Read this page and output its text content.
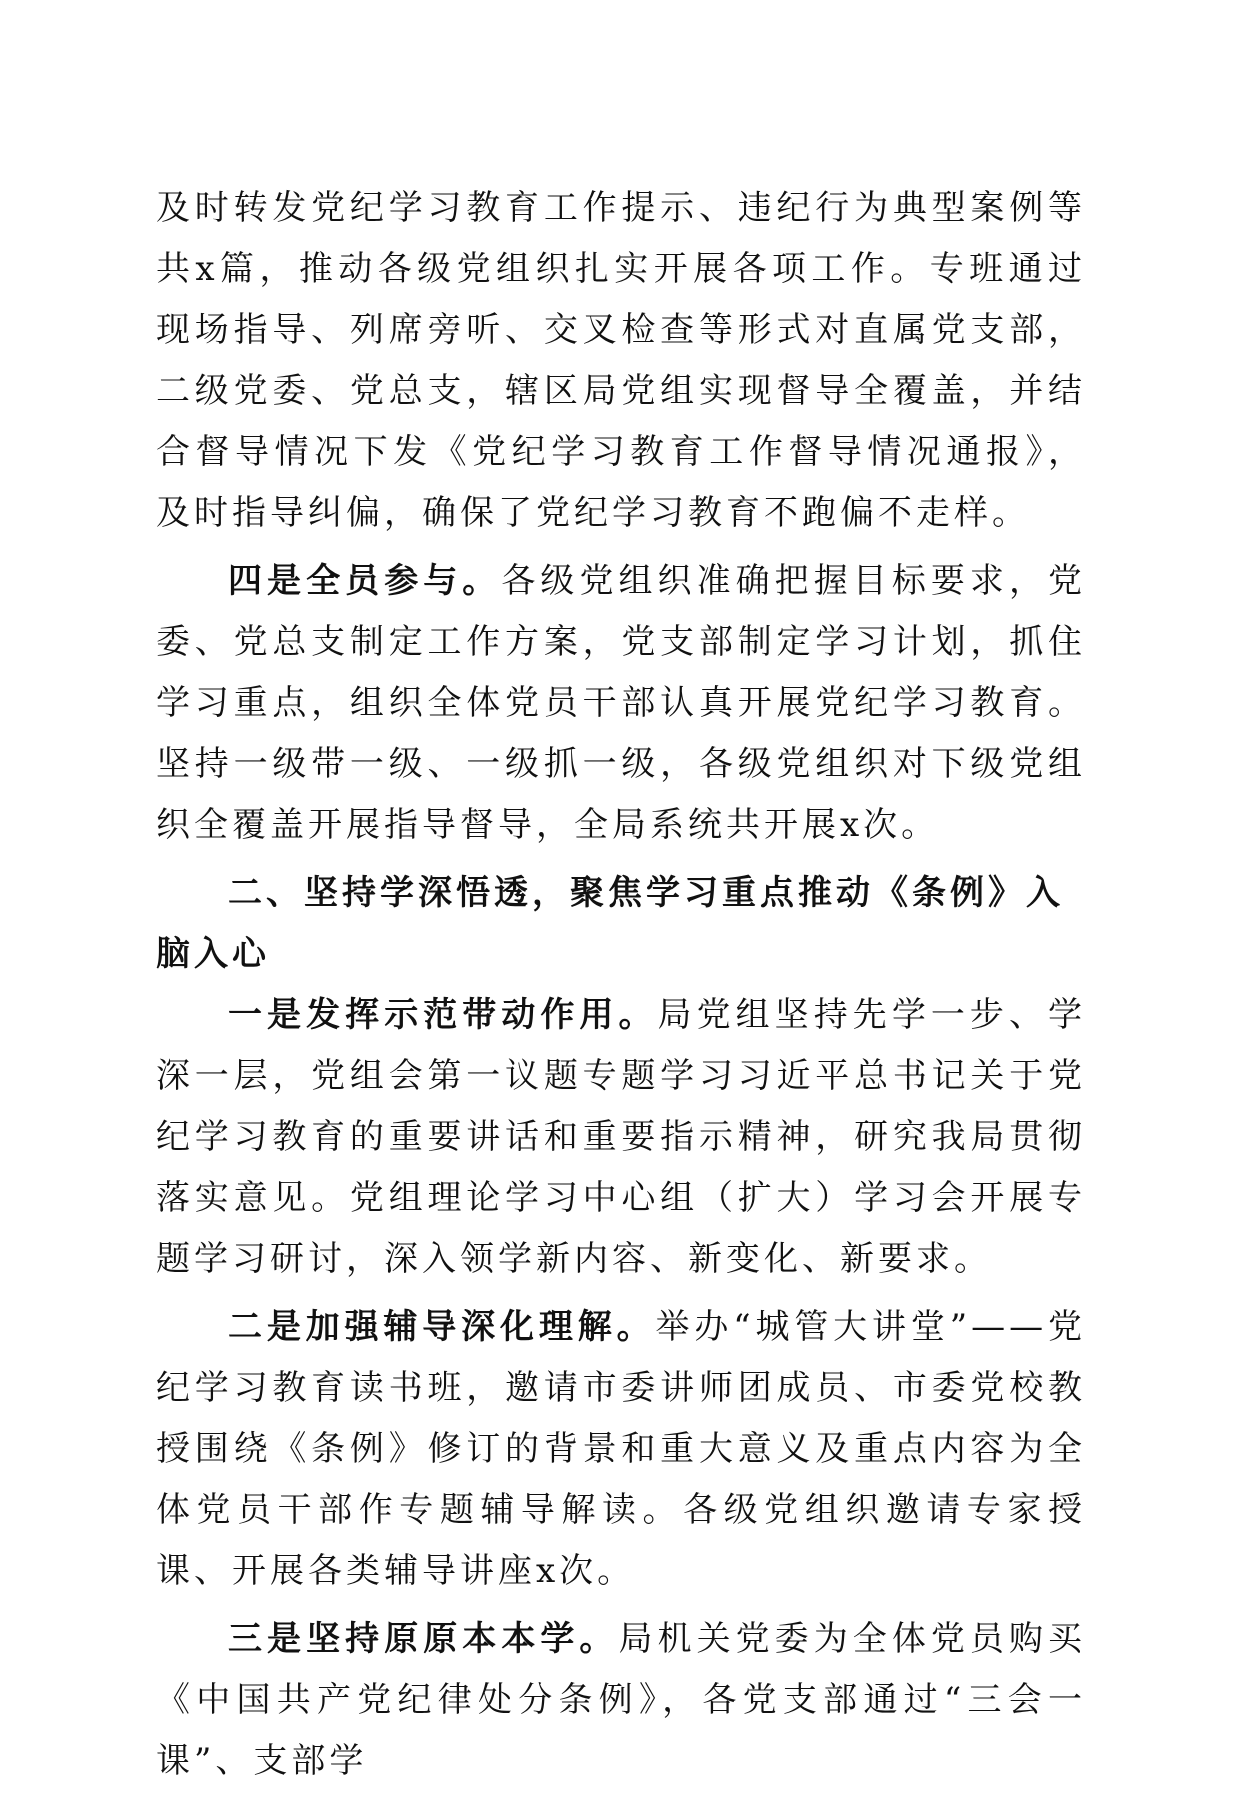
及时转发党纪学习教育工作提示、违纪行为典型案例等共x篇，推动各级党组织扎实开展各项工作。专班通过现场指导、列席旁听、交叉检查等形式对直属党支部，二级党委、党总支，辖区局党组实现督导全覆盖，并结合督导情况下发《党纪学习教育工作督导情况通报》，及时指导纠偏，确保了党纪学习教育不跑偏不走样。

四是全员参与。各级党组织准确把握目标要求，党委、党总支制定工作方案，党支部制定学习计划，抓住学习重点，组织全体党员干部认真开展党纪学习教育。坚持一级带一级、一级抓一级，各级党组织对下级党组织全覆盖开展指导督导，全局系统共开展x次。

二、坚持学深悟透，聚焦学习重点推动《条例》入脑入心

一是发挥示范带动作用。局党组坚持先学一步、学深一层，党组会第一议题专题学习习近平总书记关于党纪学习教育的重要讲话和重要指示精神，研究我局贯彻落实意见。党组理论学习中心组（扩大）学习会开展专题学习研讨，深入领学新内容、新变化、新要求。

二是加强辅导深化理解。举办“城管大讲堂”——党纪学习教育读书班，邀请市委讲师团成员、市委党校教授围绕《条例》修订的背景和重大意义及重点内容为全体党员干部作专题辅导解读。各级党组织邀请专家授课、开展各类辅导讲座x次。

三是坚持原原本本学。局机关党委为全体党员购买《中国共产党纪律处分条例》，各党支部通过“三会一课”、支部学
